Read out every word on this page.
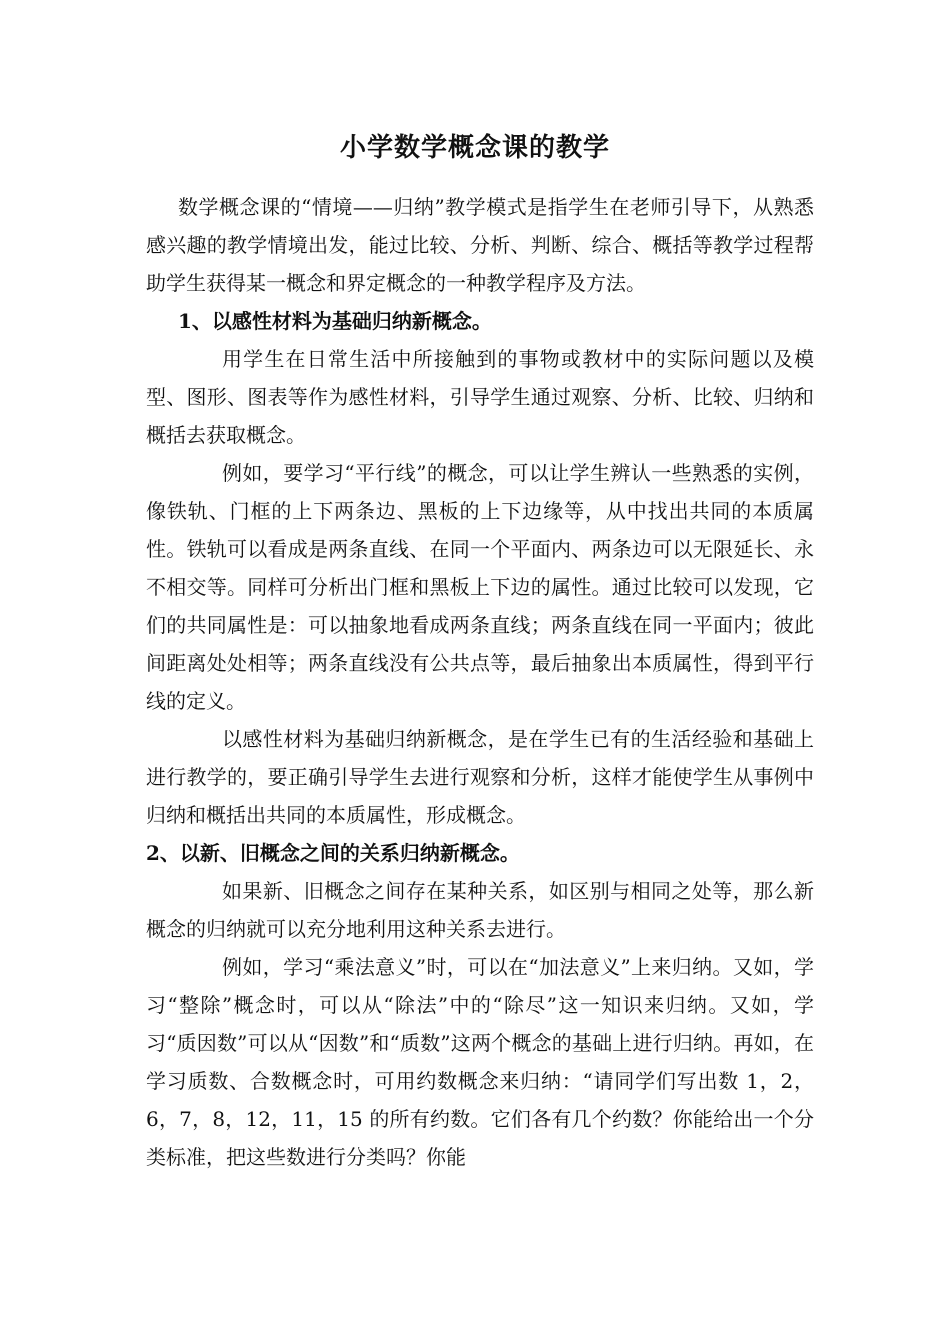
小学数学概念课的教学

数学概念课的“情境——归纳”教学模式是指学生在老师引导下，从熟悉感兴趣的教学情境出发，能过比较、分析、判断、综合、概括等教学过程帮助学生获得某一概念和界定概念的一种教学程序及方法。

1、以感性材料为基础归纳新概念。

用学生在日常生活中所接触到的事物或教材中的实际问题以及模型、图形、图表等作为感性材料，引导学生通过观察、分析、比较、归纳和概括去获取概念。

例如，要学习“平行线”的概念，可以让学生辨认一些熟悉的实例，像铁轨、门框的上下两条边、黑板的上下边缘等，从中找出共同的本质属性。铁轨可以看成是两条直线、在同一个平面内、两条边可以无限延长、永不相交等。同样可分析出门框和黑板上下边的属性。通过比较可以发现，它们的共同属性是：可以抽象地看成两条直线；两条直线在同一平面内；彼此间距离处处相等；两条直线没有公共点等，最后抽象出本质属性，得到平行线的定义。

以感性材料为基础归纳新概念，是在学生已有的生活经验和基础上进行教学的，要正确引导学生去进行观察和分析，这样才能使学生从事例中归纳和概括出共同的本质属性，形成概念。

2、以新、旧概念之间的关系归纳新概念。

如果新、旧概念之间存在某种关系，如区别与相同之处等，那么新概念的归纳就可以充分地利用这种关系去进行。

例如，学习“乘法意义”时，可以在“加法意义”上来归纳。又如，学习“整除”概念时，可以从“除法”中的“除尽”这一知识来归纳。又如，学习“质因数”可以从“因数”和“质数”这两个概念的基础上进行归纳。再如，在学习质数、合数概念时，可用约数概念来归纳：“请同学们写出数 1，2，6，7，8，12，11，15 的所有约数。它们各有几个约数？你能给出一个分类标准，把这些数进行分类吗？你能
